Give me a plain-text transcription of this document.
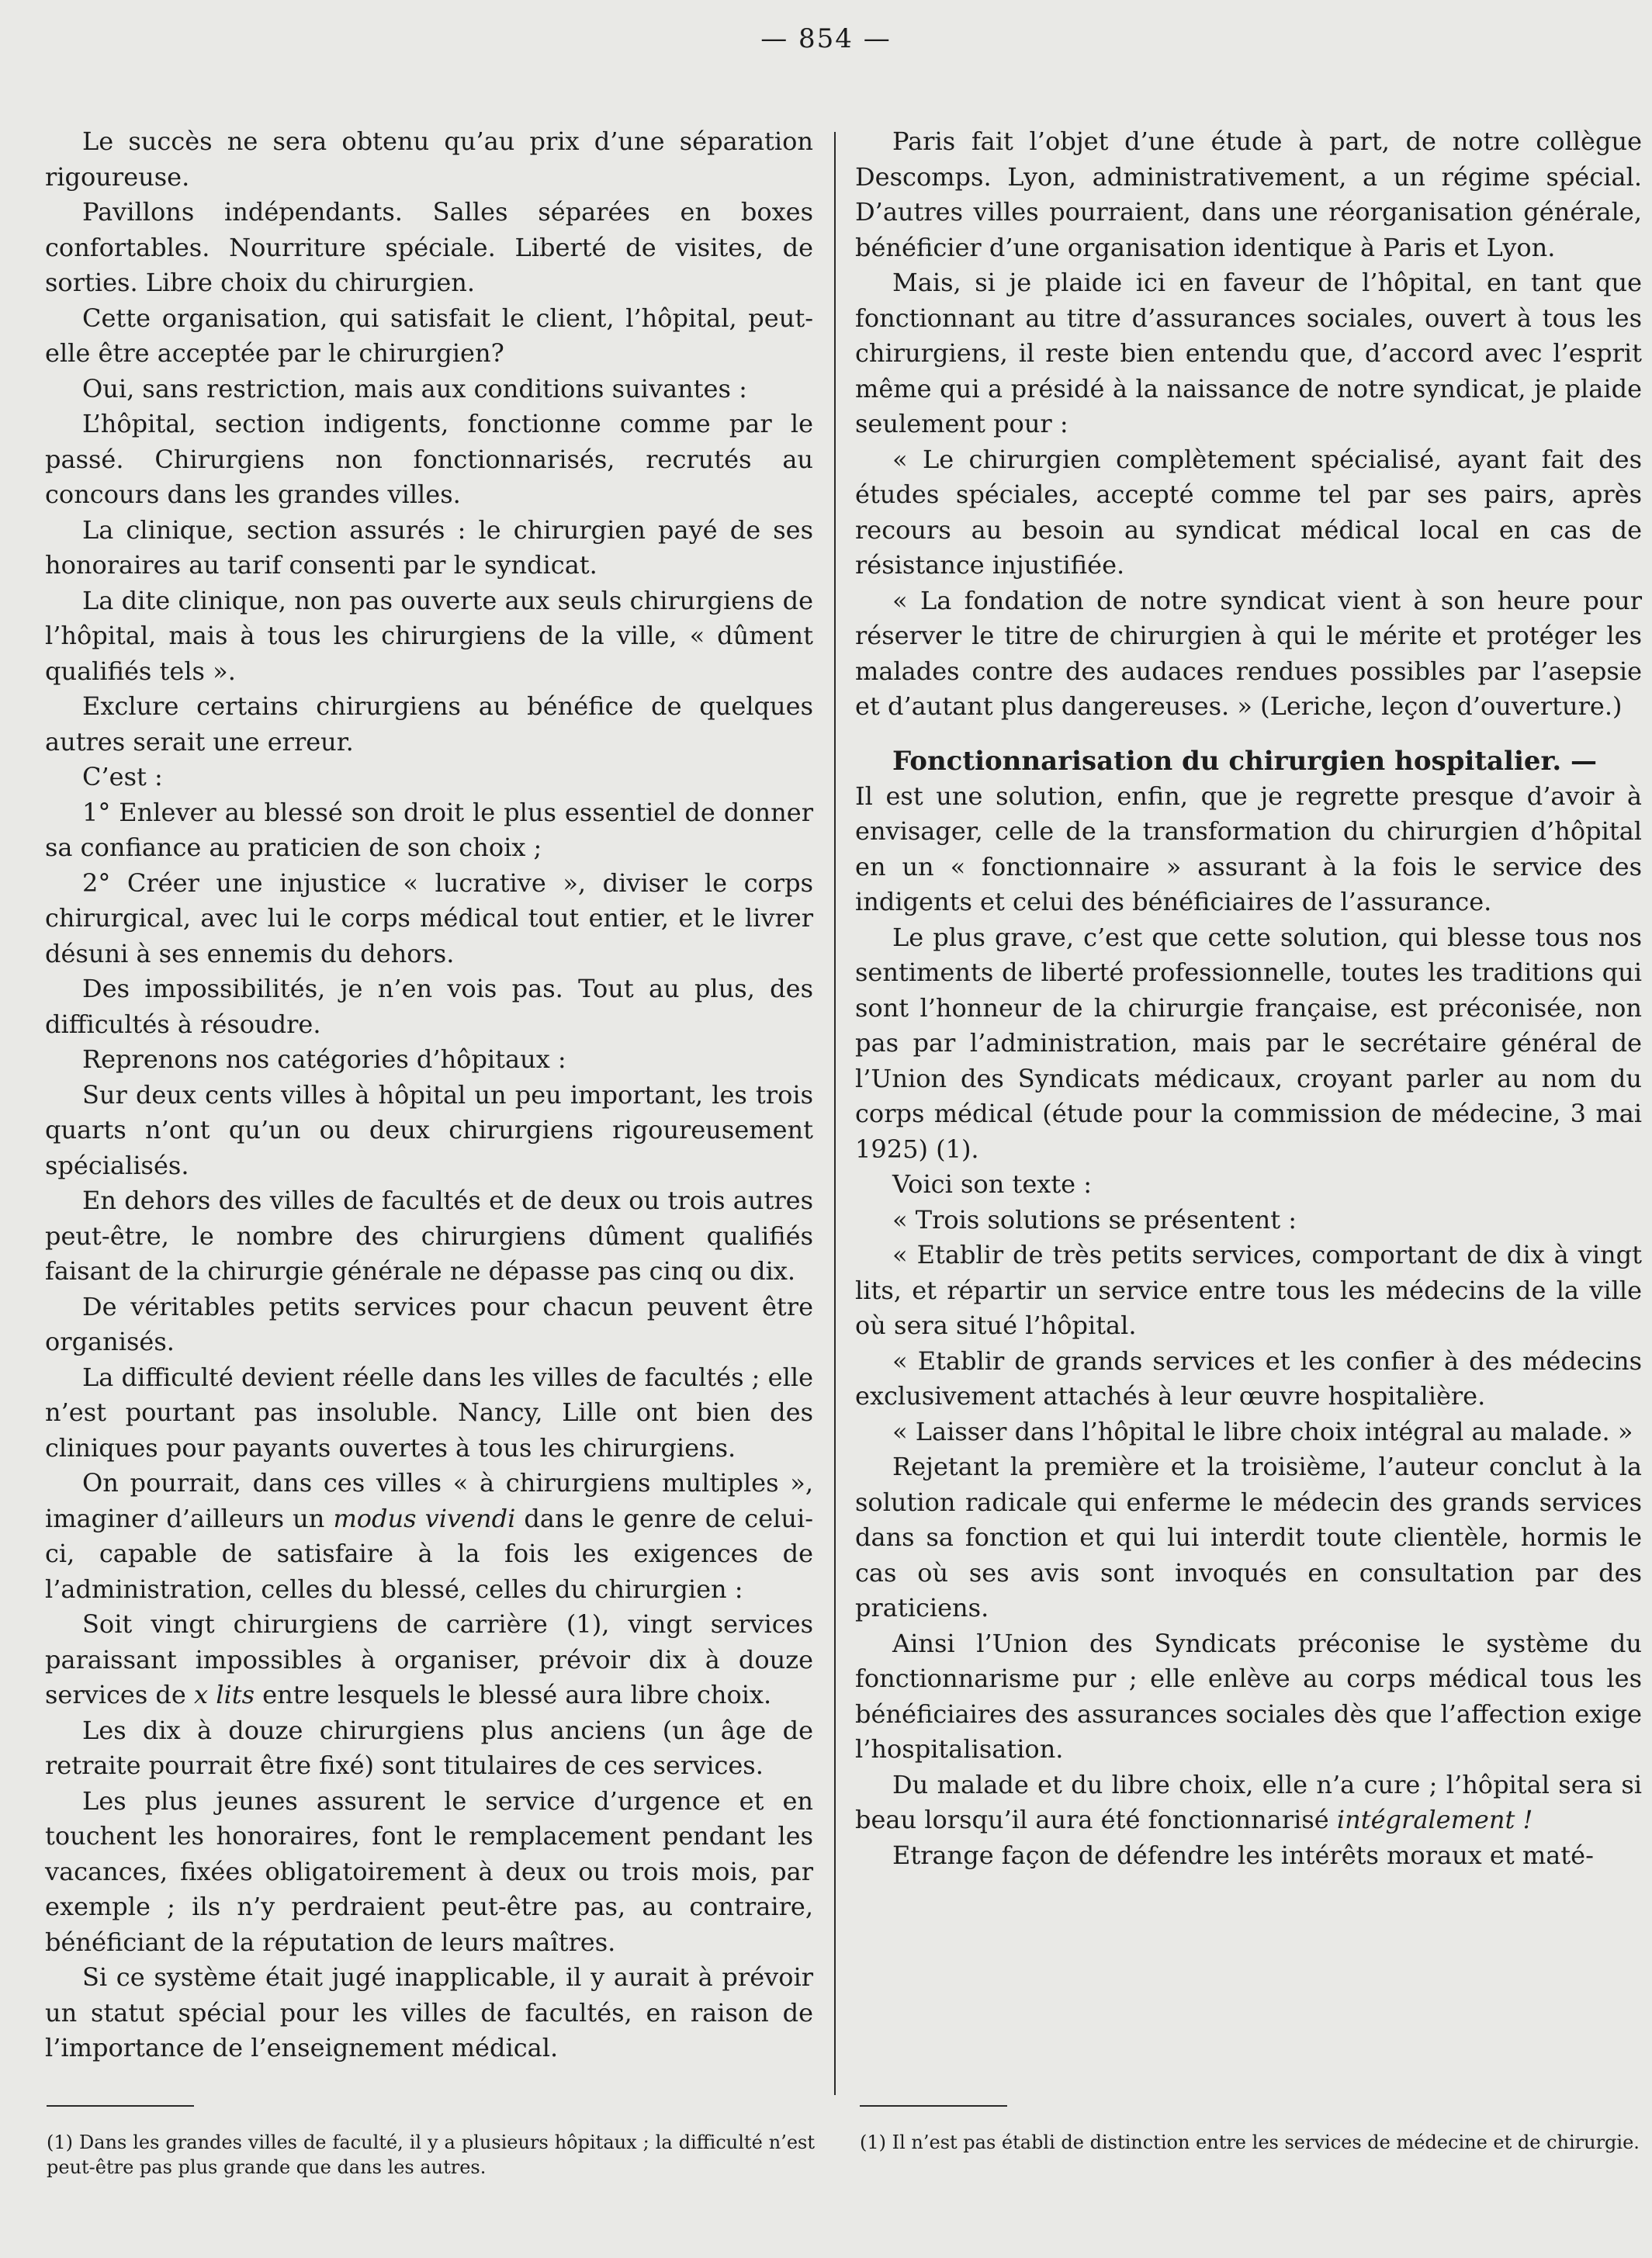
— 854 —

Le succès ne sera obtenu qu’au prix d’une séparation rigoureuse.

Pavillons indépendants. Salles séparées en boxes confortables. Nourriture spéciale. Liberté de visites, de sorties. Libre choix du chirurgien.

Cette organisation, qui satisfait le client, l’hôpital, peut-elle être acceptée par le chirurgien?

Oui, sans restriction, mais aux conditions suivantes :

L’hôpital, section indigents, fonctionne comme par le passé. Chirurgiens non fonctionnarisés, recrutés au concours dans les grandes villes.

La clinique, section assurés : le chirurgien payé de ses honoraires au tarif consenti par le syndicat.

La dite clinique, non pas ouverte aux seuls chirurgiens de l’hôpital, mais à tous les chirurgiens de la ville, « dûment qualifiés tels ».

Exclure certains chirurgiens au bénéfice de quelques autres serait une erreur.

C’est :

1° Enlever au blessé son droit le plus essentiel de donner sa confiance au praticien de son choix ;

2° Créer une injustice « lucrative », diviser le corps chirurgical, avec lui le corps médical tout entier, et le livrer désuni à ses ennemis du dehors.

Des impossibilités, je n’en vois pas. Tout au plus, des difficultés à résoudre.

Reprenons nos catégories d’hôpitaux :

Sur deux cents villes à hôpital un peu important, les trois quarts n’ont qu’un ou deux chirurgiens rigoureusement spécialisés.

En dehors des villes de facultés et de deux ou trois autres peut-être, le nombre des chirurgiens dûment qualifiés faisant de la chirurgie générale ne dépasse pas cinq ou dix.

De véritables petits services pour chacun peuvent être organisés.

La difficulté devient réelle dans les villes de facultés ; elle n’est pourtant pas insoluble. Nancy, Lille ont bien des cliniques pour payants ouvertes à tous les chirurgiens.

On pourrait, dans ces villes « à chirurgiens multiples », imaginer d’ailleurs un modus vivendi dans le genre de celui-ci, capable de satisfaire à la fois les exigences de l’administration, celles du blessé, celles du chirurgien :

Soit vingt chirurgiens de carrière (1), vingt services paraissant impossibles à organiser, prévoir dix à douze services de x lits entre lesquels le blessé aura libre choix.

Les dix à douze chirurgiens plus anciens (un âge de retraite pourrait être fixé) sont titulaires de ces services.

Les plus jeunes assurent le service d’urgence et en touchent les honoraires, font le remplacement pendant les vacances, fixées obligatoirement à deux ou trois mois, par exemple ; ils n’y perdraient peut-être pas, au contraire, bénéficiant de la réputation de leurs maîtres.

Si ce système était jugé inapplicable, il y aurait à prévoir un statut spécial pour les villes de facultés, en raison de l’importance de l’enseignement médical.

Paris fait l’objet d’une étude à part, de notre collègue Descomps. Lyon, administrativement, a un régime spécial. D’autres villes pourraient, dans une réorganisation générale, bénéficier d’une organisation identique à Paris et Lyon.

Mais, si je plaide ici en faveur de l’hôpital, en tant que fonctionnant au titre d’assurances sociales, ouvert à tous les chirurgiens, il reste bien entendu que, d’accord avec l’esprit même qui a présidé à la naissance de notre syndicat, je plaide seulement pour :

« Le chirurgien complètement spécialisé, ayant fait des études spéciales, accepté comme tel par ses pairs, après recours au besoin au syndicat médical local en cas de résistance injustifiée.

« La fondation de notre syndicat vient à son heure pour réserver le titre de chirurgien à qui le mérite et protéger les malades contre des audaces rendues possibles par l’asepsie et d’autant plus dangereuses. » (Leriche, leçon d’ouverture.)

Fonctionnarisation du chirurgien hospitalier. —

Il est une solution, enfin, que je regrette presque d’avoir à envisager, celle de la transformation du chirurgien d’hôpital en un « fonctionnaire » assurant à la fois le service des indigents et celui des bénéficiaires de l’assurance.

Le plus grave, c’est que cette solution, qui blesse tous nos sentiments de liberté professionnelle, toutes les traditions qui sont l’honneur de la chirurgie française, est préconisée, non pas par l’administration, mais par le secrétaire général de l’Union des Syndicats médicaux, croyant parler au nom du corps médical (étude pour la commission de médecine, 3 mai 1925) (1).

Voici son texte :

« Trois solutions se présentent :

« Etablir de très petits services, comportant de dix à vingt lits, et répartir un service entre tous les médecins de la ville où sera situé l’hôpital.

« Etablir de grands services et les confier à des médecins exclusivement attachés à leur œuvre hospitalière.

« Laisser dans l’hôpital le libre choix intégral au malade. »

Rejetant la première et la troisième, l’auteur conclut à la solution radicale qui enferme le médecin des grands services dans sa fonction et qui lui interdit toute clientèle, hormis le cas où ses avis sont invoqués en consultation par des praticiens.

Ainsi l’Union des Syndicats préconise le système du fonctionnarisme pur ; elle enlève au corps médical tous les bénéficiaires des assurances sociales dès que l’affection exige l’hospitalisation.

Du malade et du libre choix, elle n’a cure ; l’hôpital sera si beau lorsqu’il aura été fonctionnarisé intégralement !

Etrange façon de défendre les intérêts moraux et maté-

(1) Dans les grandes villes de faculté, il y a plusieurs hôpitaux ; la difficulté n’est peut-être pas plus grande que dans les autres.
(1) Il n’est pas établi de distinction entre les services de médecine et de chirurgie.
